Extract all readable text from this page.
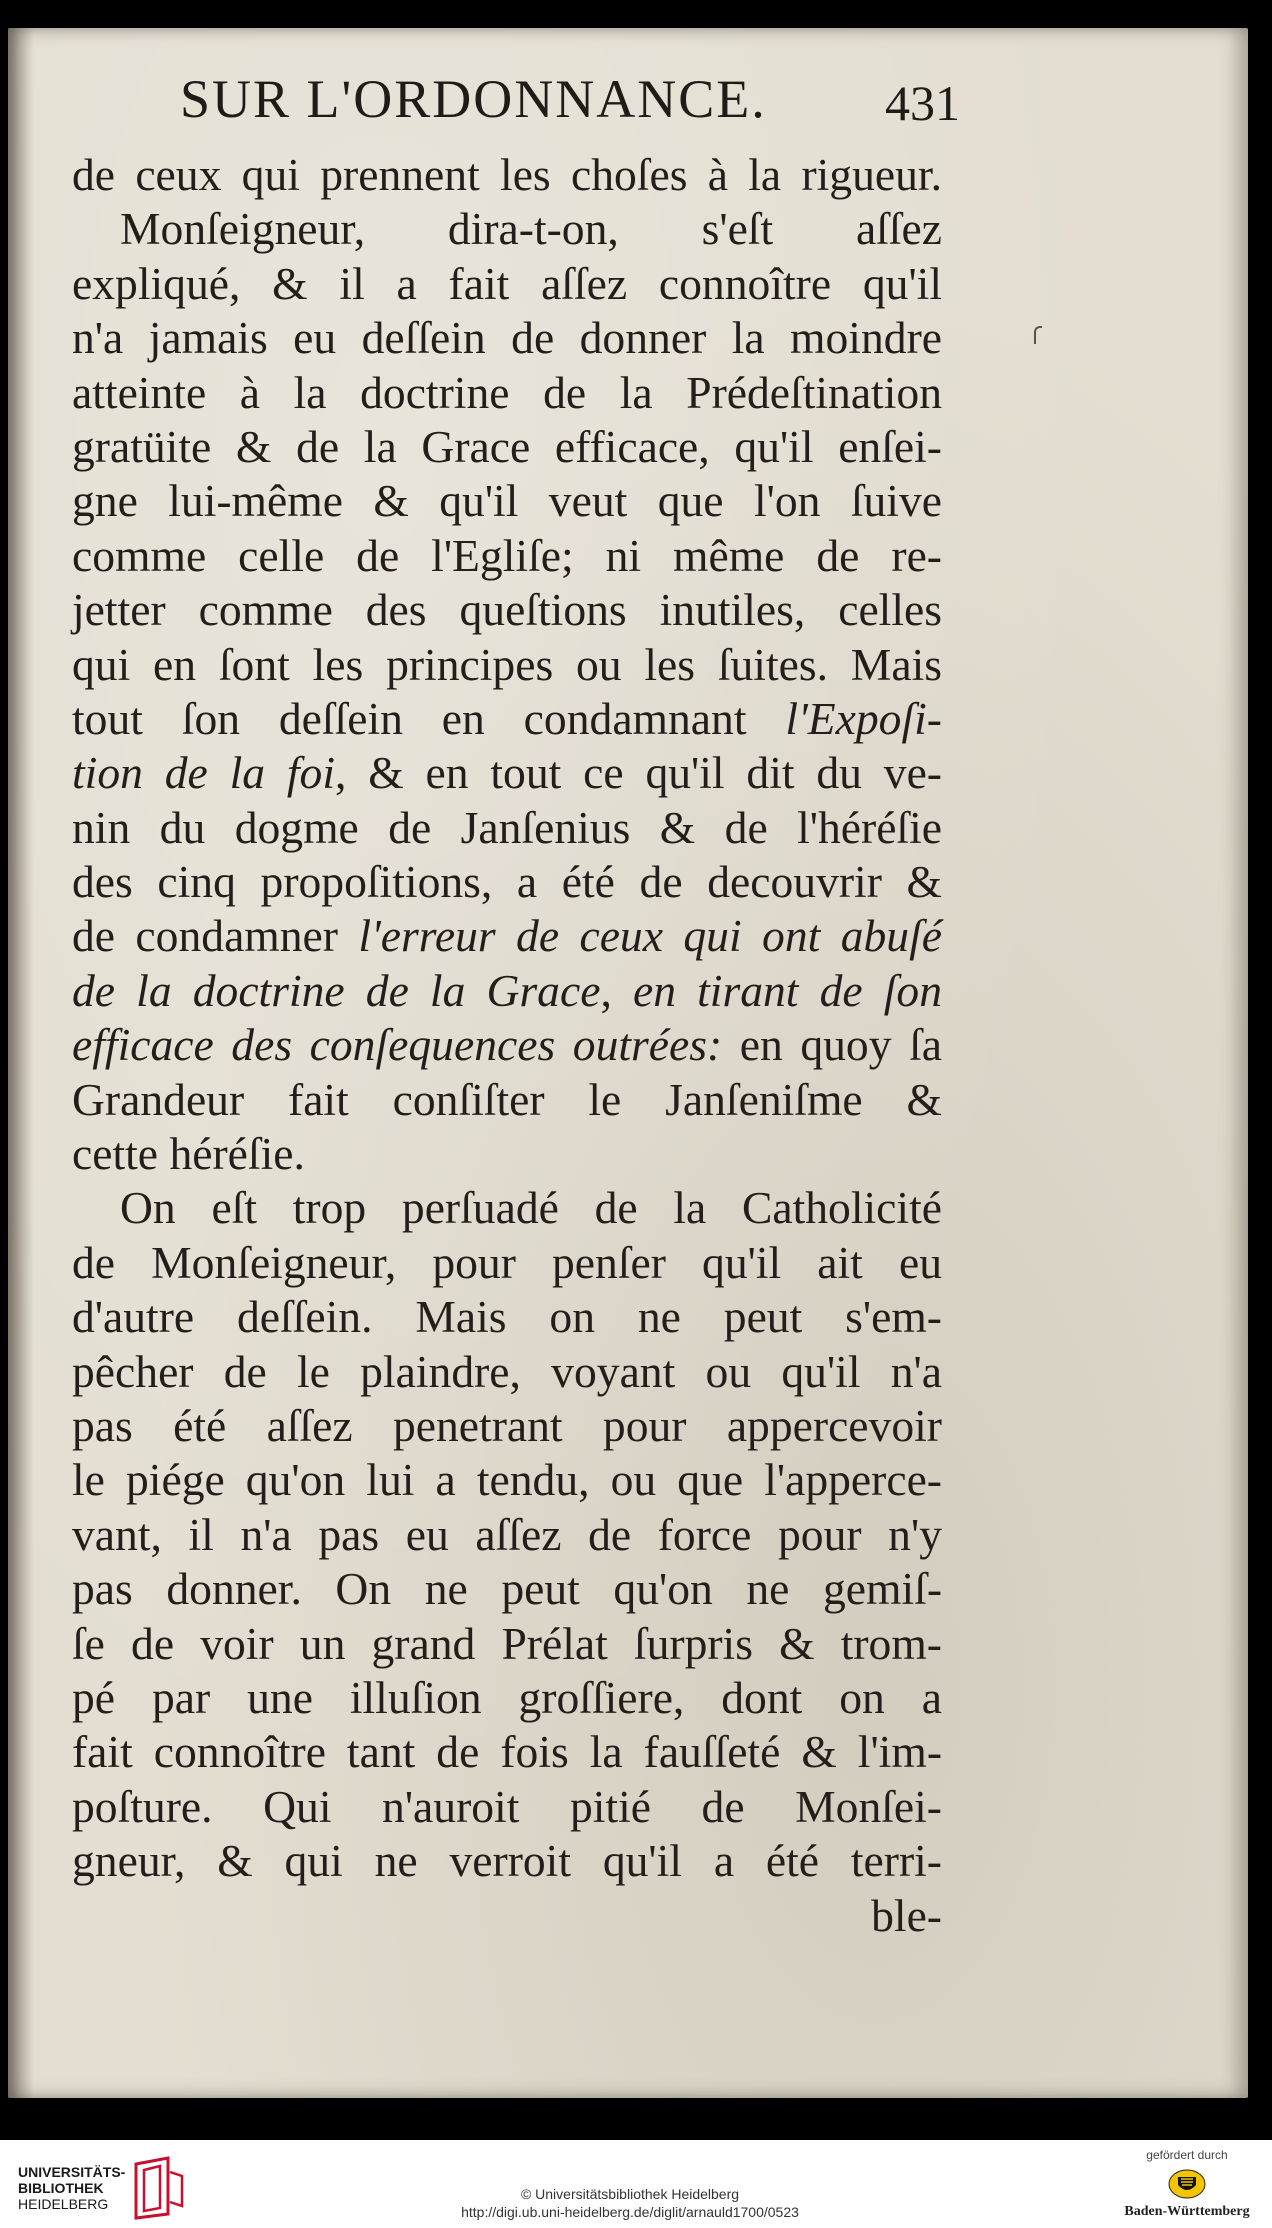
SUR L'ORDONNANCE. 431
de ceux qui prennent les choſes à la rigueur.
Monſeigneur, dira-t-on, s'eſt aſſez
expliqué, & il a fait aſſez connoître qu'il
n'a jamais eu deſſein de donner la moindre
atteinte à la doctrine de la Prédeſtination
gratüite & de la Grace efficace, qu'il enſei-
gne lui-même & qu'il veut que l'on ſuive
comme celle de l'Egliſe; ni même de re-
jetter comme des queſtions inutiles, celles
qui en ſont les principes ou les ſuites. Mais
tout ſon deſſein en condamnant l'Expoſi-
tion de la foi, & en tout ce qu'il dit du ve-
nin du dogme de Janſenius & de l'héréſie
des cinq propoſitions, a été de decouvrir &
de condamner l'erreur de ceux qui ont abuſé
de la doctrine de la Grace, en tirant de ſon
efficace des conſequences outrées: en quoy ſa
Grandeur fait conſiſter le Janſeniſme &
cette héréſie.
On eſt trop perſuadé de la Catholicité
de Monſeigneur, pour penſer qu'il ait eu
d'autre deſſein. Mais on ne peut s'em-
pêcher de le plaindre, voyant ou qu'il n'a
pas été aſſez penetrant pour appercevoir
le piége qu'on lui a tendu, ou que l'apperce-
vant, il n'a pas eu aſſez de force pour n'y
pas donner. On ne peut qu'on ne gemiſ-
ſe de voir un grand Prélat ſurpris & trom-
pé par une illuſion groſſiere, dont on a
fait connoître tant de fois la fauſſeté & l'im-
poſture. Qui n'auroit pitié de Monſei-
gneur, & qui ne verroit qu'il a été terri-
ble-
UNIVERSITÄTS-
BIBLIOTHEK
HEIDELBERG
© Universitätsbibliothek Heidelberg
http://digi.ub.uni-heidelberg.de/diglit/arnauld1700/0523
gefördert durch
Baden-Württemberg
